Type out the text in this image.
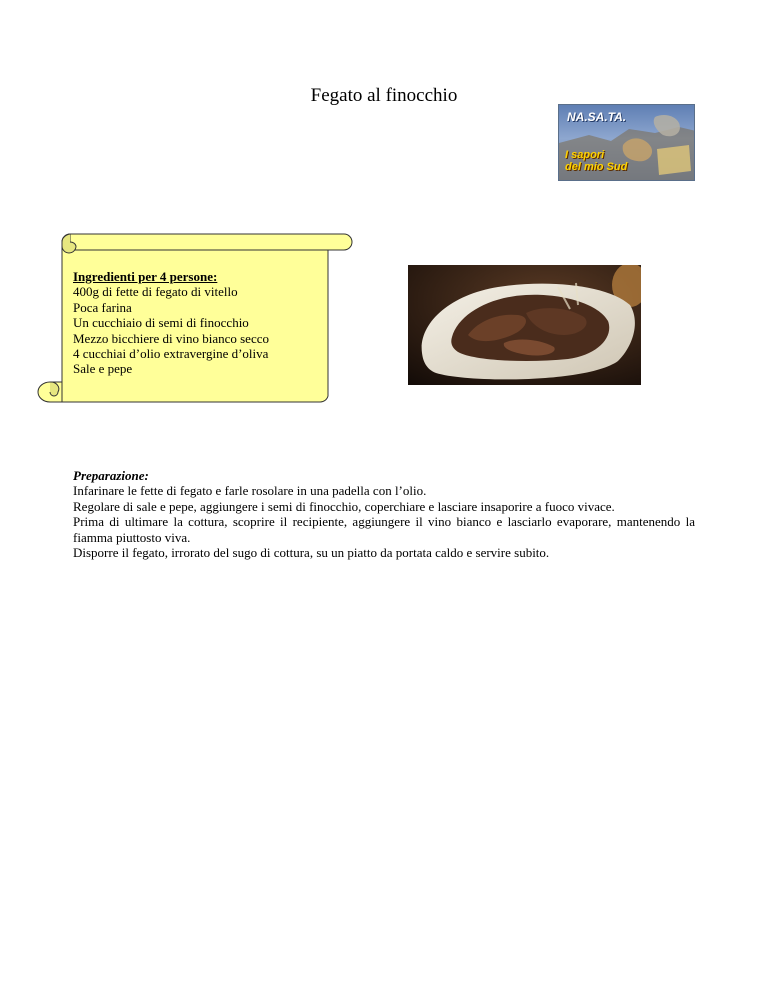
Fegato al finocchio
NA.SA.TA.
I sapori
del mio Sud
Ingredienti per 4 persone:
400g di fette di fegato di vitello
Poca farina
Un cucchiaio di semi di finocchio
Mezzo bicchiere di vino bianco secco
4 cucchiai d’olio extravergine d’oliva
Sale e pepe
Preparazione:

Infarinare le fette di fegato e farle rosolare in una padella con l’olio.

Regolare di sale e pepe, aggiungere i semi di finocchio, coperchiare e lasciare insaporire a fuoco vivace.

Prima di ultimare la cottura, scoprire il recipiente, aggiungere il vino bianco e lasciarlo evaporare, mantenendo la fiamma piuttosto viva.

Disporre il fegato, irrorato del sugo di cottura, su un piatto da portata caldo e servire subito.
